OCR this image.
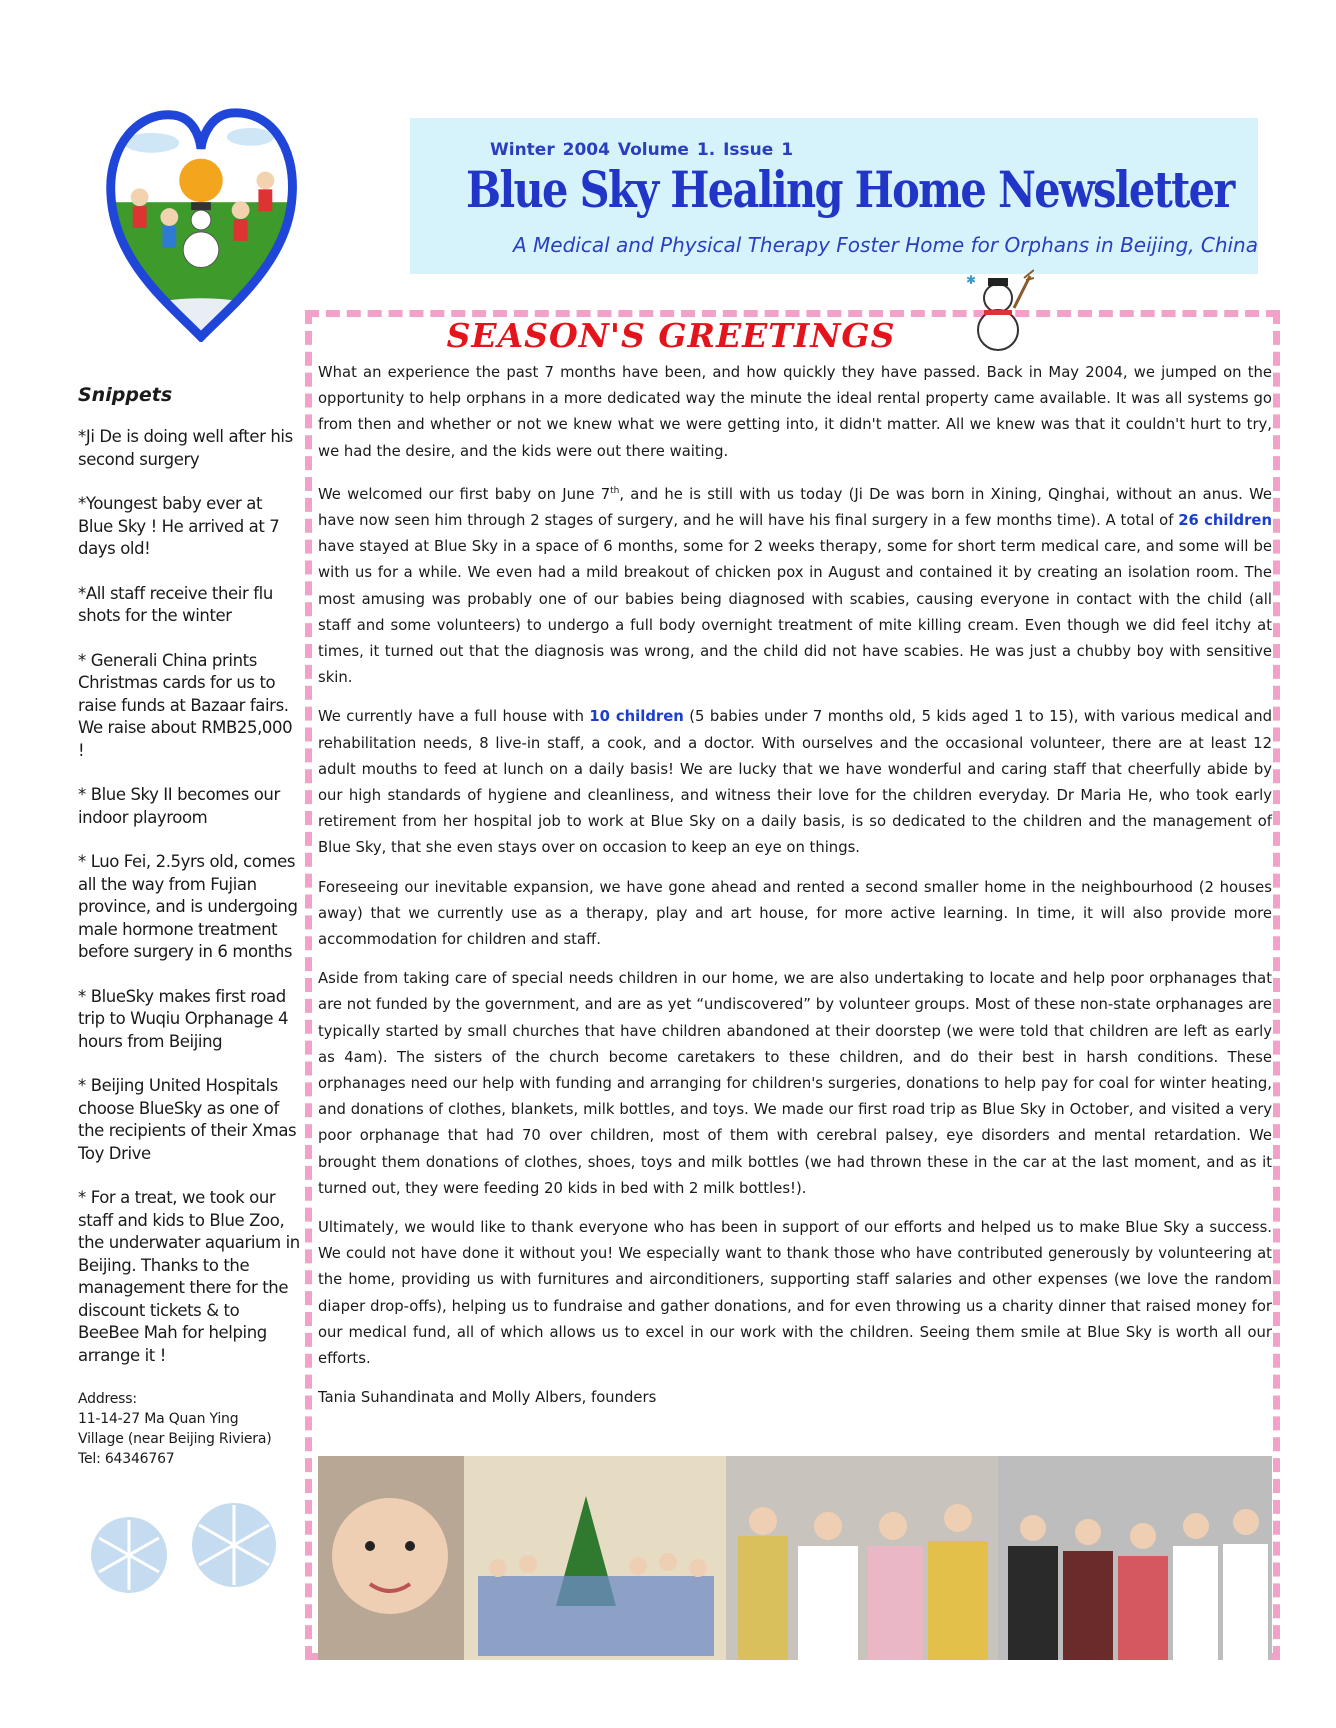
Winter 2004 Volume 1. Issue 1
Blue Sky Healing Home Newsletter
A Medical and Physical Therapy Foster Home for Orphans in Beijing, China
Snippets
*Ji De is doing well after his second surgery
*Youngest baby ever at Blue Sky ! He arrived at 7 days old!
*All staff receive their flu shots for the winter
* Generali China prints Christmas cards for us to raise funds at Bazaar fairs. We raise about RMB25,000 !
* Blue Sky II becomes our indoor playroom
* Luo Fei, 2.5yrs old, comes all the way from Fujian province, and is undergoing male hormone treatment before surgery in 6 months
* BlueSky makes first road trip to Wuqiu Orphanage 4 hours from Beijing
* Beijing United Hospitals choose BlueSky as one of the recipients of their Xmas Toy Drive
* For a treat, we took our staff and kids to Blue Zoo, the underwater aquarium in Beijing. Thanks to the management there for the discount tickets & to BeeBee Mah for helping arrange it !
Address:
11-14-27 Ma Quan Ying
Village (near Beijing Riviera)
Tel: 64346767
✱
SEASON'S GREETINGS

What an experience the past 7 months have been, and how quickly they have passed. Back in May 2004, we jumped on the opportunity to help orphans in a more dedicated way the minute the ideal rental property came available. It was all systems go from then and whether or not we knew what we were getting into, it didn't matter. All we knew was that it couldn't hurt to try, we had the desire, and the kids were out there waiting.

We welcomed our first baby on June 7th, and he is still with us today (Ji De was born in Xining, Qinghai, without an anus. We have now seen him through 2 stages of surgery, and he will have his final surgery in a few months time). A total of 26 children have stayed at Blue Sky in a space of 6 months, some for 2 weeks therapy, some for short term medical care, and some will be with us for a while. We even had a mild breakout of chicken pox in August and contained it by creating an isolation room. The most amusing was probably one of our babies being diagnosed with scabies, causing everyone in contact with the child (all staff and some volunteers) to undergo a full body overnight treatment of mite killing cream. Even though we did feel itchy at times, it turned out that the diagnosis was wrong, and the child did not have scabies. He was just a chubby boy with sensitive skin.

We currently have a full house with 10 children (5 babies under 7 months old, 5 kids aged 1 to 15), with various medical and rehabilitation needs, 8 live-in staff, a cook, and a doctor. With ourselves and the occasional volunteer, there are at least 12 adult mouths to feed at lunch on a daily basis! We are lucky that we have wonderful and caring staff that cheerfully abide by our high standards of hygiene and cleanliness, and witness their love for the children everyday. Dr Maria He, who took early retirement from her hospital job to work at Blue Sky on a daily basis, is so dedicated to the children and the management of Blue Sky, that she even stays over on occasion to keep an eye on things.

Foreseeing our inevitable expansion, we have gone ahead and rented a second smaller home in the neighbourhood (2 houses away) that we currently use as a therapy, play and art house, for more active learning. In time, it will also provide more accommodation for children and staff.

Aside from taking care of special needs children in our home, we are also undertaking to locate and help poor orphanages that are not funded by the government, and are as yet “undiscovered” by volunteer groups. Most of these non-state orphanages are typically started by small churches that have children abandoned at their doorstep (we were told that children are left as early as 4am). The sisters of the church become caretakers to these children, and do their best in harsh conditions. These orphanages need our help with funding and arranging for children's surgeries, donations to help pay for coal for winter heating, and donations of clothes, blankets, milk bottles, and toys. We made our first road trip as Blue Sky in October, and visited a very poor orphanage that had 70 over children, most of them with cerebral palsey, eye disorders and mental retardation. We brought them donations of clothes, shoes, toys and milk bottles (we had thrown these in the car at the last moment, and as it turned out, they were feeding 20 kids in bed with 2 milk bottles!).

Ultimately, we would like to thank everyone who has been in support of our efforts and helped us to make Blue Sky a success. We could not have done it without you! We especially want to thank those who have contributed generously by volunteering at the home, providing us with furnitures and airconditioners, supporting staff salaries and other expenses (we love the random diaper drop-offs), helping us to fundraise and gather donations, and for even throwing us a charity dinner that raised money for our medical fund, all of which allows us to excel in our work with the children. Seeing them smile at Blue Sky is worth all our efforts.

Tania Suhandinata and Molly Albers, founders
